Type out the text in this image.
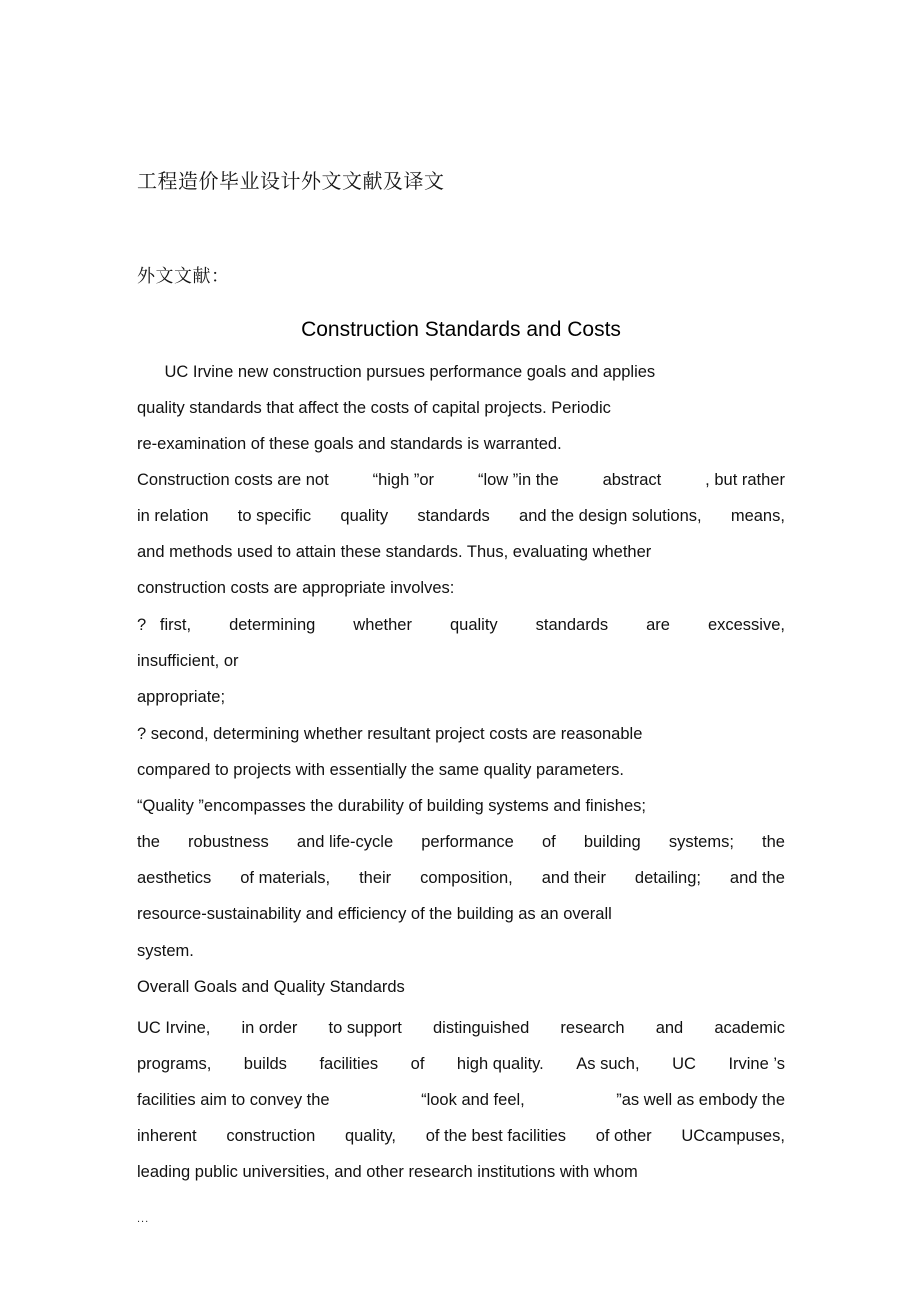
工程造价毕业设计外文文献及译文
外文文献：
Construction Standards and Costs
UC Irvine new construction pursues performance goals and applies
quality standards that affect the costs of capital projects. Periodic
re-examination of these goals and standards is warranted.
Construction costs are not	“high ”or	“low ”in the	abstract	, but rather
in relation to specific quality standards and the design solutions, means,
and methods used to attain these standards. Thus, evaluating whether
construction costs are appropriate involves:
?   first, determining whether quality standards are excessive,
insufficient, or
appropriate;
? second, determining whether resultant project costs are reasonable
compared to projects with essentially the same quality parameters.
“Quality ”encompasses the durability of building systems and finishes;
the robustness and life-cycle performance of building systems; the
aesthetics of materials, their composition, and their detailing; and the
resource-sustainability and efficiency of the building as an overall
system.
Overall Goals and Quality Standards
UC Irvine, in order to support distinguished research and academic
programs, builds facilities of high quality. As such, UC Irvine ’s
facilities aim to convey the	“look and feel,	”as well as embody the
inherent construction quality, of the best facilities of other UCcampuses,
leading public universities, and other research institutions with whom
...
